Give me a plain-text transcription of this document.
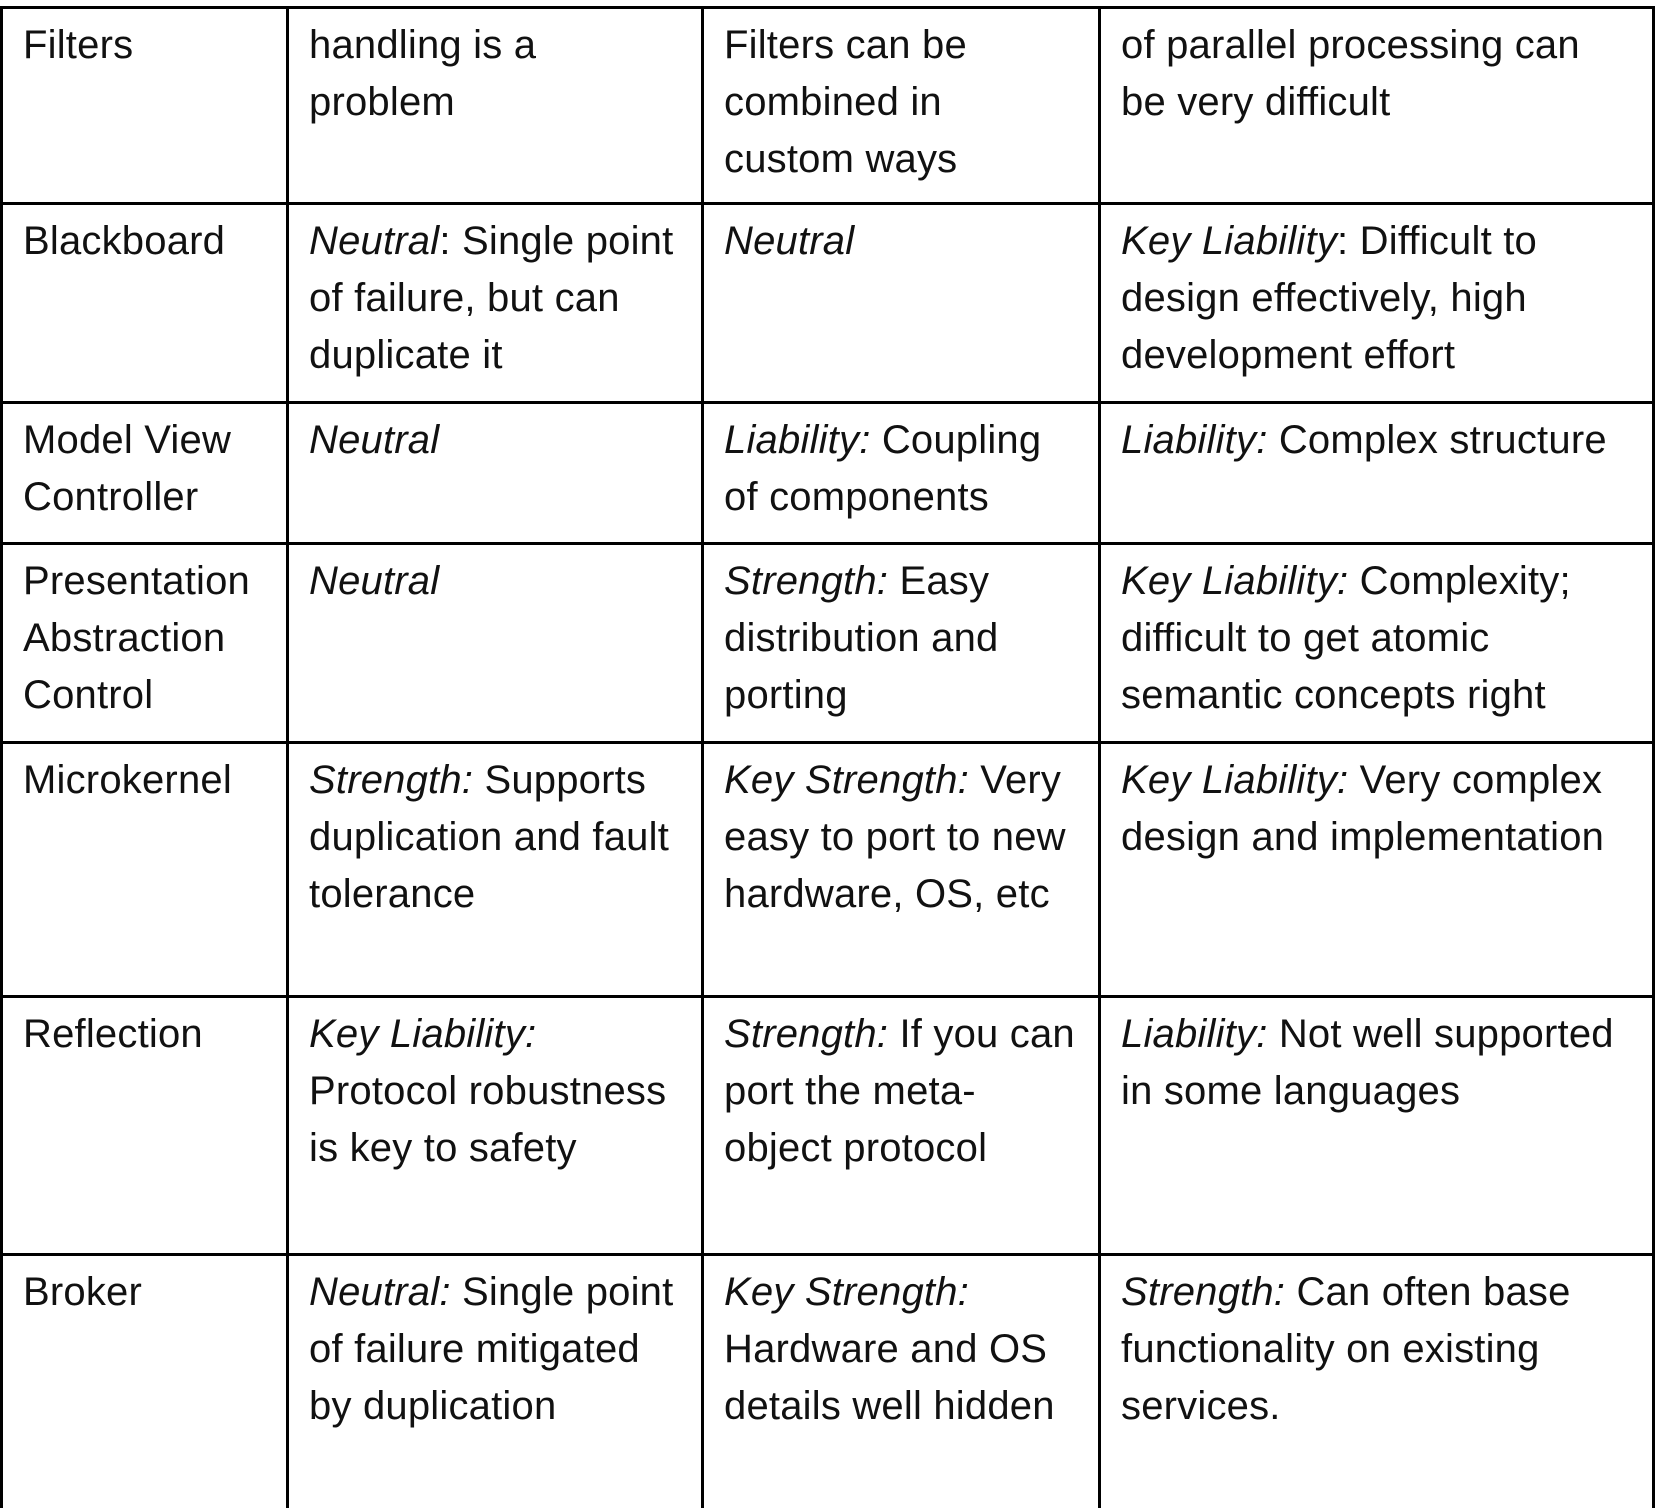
Filters	handling is a problem	Filters can be combined in custom ways	of parallel processing can be very difficult
Blackboard	Neutral: Single point of failure, but can duplicate it	Neutral	Key Liability: Difficult to design effectively, high development effort
Model View Controller	Neutral	Liability: Coupling of components	Liability: Complex structure
Presentation Abstraction Control	Neutral	Strength: Easy distribution and porting	Key Liability: Complexity; difficult to get atomic semantic concepts right
Microkernel	Strength: Supports duplication and fault tolerance	Key Strength: Very easy to port to new hardware, OS, etc	Key Liability: Very complex design and implementation
Reflection	Key Liability: Protocol robustness is key to safety	Strength: If you can port the meta-object protocol	Liability: Not well supported in some languages
Broker	Neutral: Single point of failure mitigated by duplication	Key Strength: Hardware and OS details well hidden	Strength: Can often base functionality on existing services.
